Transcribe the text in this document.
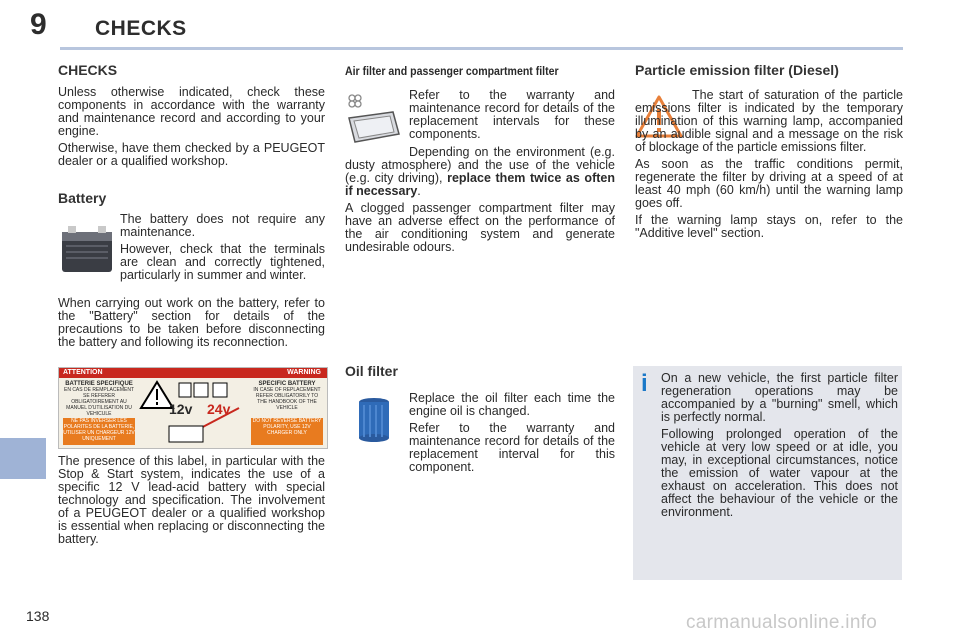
9 CHECKS
138	carmanualsonline.info
CHECKS

Unless otherwise indicated, check these components in accordance with the warranty and maintenance record and according to your engine.

Otherwise, have them checked by a PEUGEOT dealer or a qualified workshop.

Battery

The battery does not require any maintenance.

However, check that the terminals are clean and correctly tightened, particularly in summer and winter.

When carrying out work on the battery, refer to the "Battery" section for details of the precautions to be taken before disconnecting the battery and following its reconnection.

ATTENTION	WARNING
BATTERIE SPECIFIQUE
EN CAS DE REMPLACEMENT SE REFERER OBLIGATOIREMENT AU MANUEL D'UTILISATION DU VEHICULE
SPECIFIC BATTERY
IN CASE OF REPLACEMENT REFER OBLIGATORILY TO THE HANDBOOK OF THE VEHICLE
NE PAS INVERSER LES POLARITES DE LA BATTERIE, UTILISER UN CHARGEUR 12V UNIQUEMENT
DO NOT REVERSE BATTERY POLARITY, USE 12V CHARGER ONLY
12v 24v

The presence of this label, in particular with the Stop & Start system, indicates the use of a specific 12 V lead-acid battery with special technology and specification. The involvement of a PEUGEOT dealer or a qualified workshop is essential when replacing or disconnecting the battery.

Air filter and passenger compartment filter

Refer to the warranty and maintenance record for details of the replacement intervals for these components.

Depending on the environment (e.g. dusty atmosphere) and the use of the vehicle (e.g. city driving), replace them twice as often if necessary.

A clogged passenger compartment filter may have an adverse effect on the performance of the air conditioning system and generate undesirable odours.

Oil filter

Replace the oil filter each time the engine oil is changed.

Refer to the warranty and maintenance record for details of the replacement interval for this component.

Particle emission filter (Diesel)

The start of saturation of the particle emissions filter is indicated by the temporary illumination of this warning lamp, accompanied by an audible signal and a message on the risk of blockage of the particle emissions filter.

As soon as the traffic conditions permit, regenerate the filter by driving at a speed of at least 40 mph (60 km/h) until the warning lamp goes off.

If the warning lamp stays on, refer to the "Additive level" section.

i On a new vehicle, the first particle filter regeneration operations may be accompanied by a "burning" smell, which is perfectly normal.

Following prolonged operation of the vehicle at very low speed or at idle, you may, in exceptional circumstances, notice the emission of water vapour at the exhaust on acceleration. This does not affect the behaviour of the vehicle or the environment.
